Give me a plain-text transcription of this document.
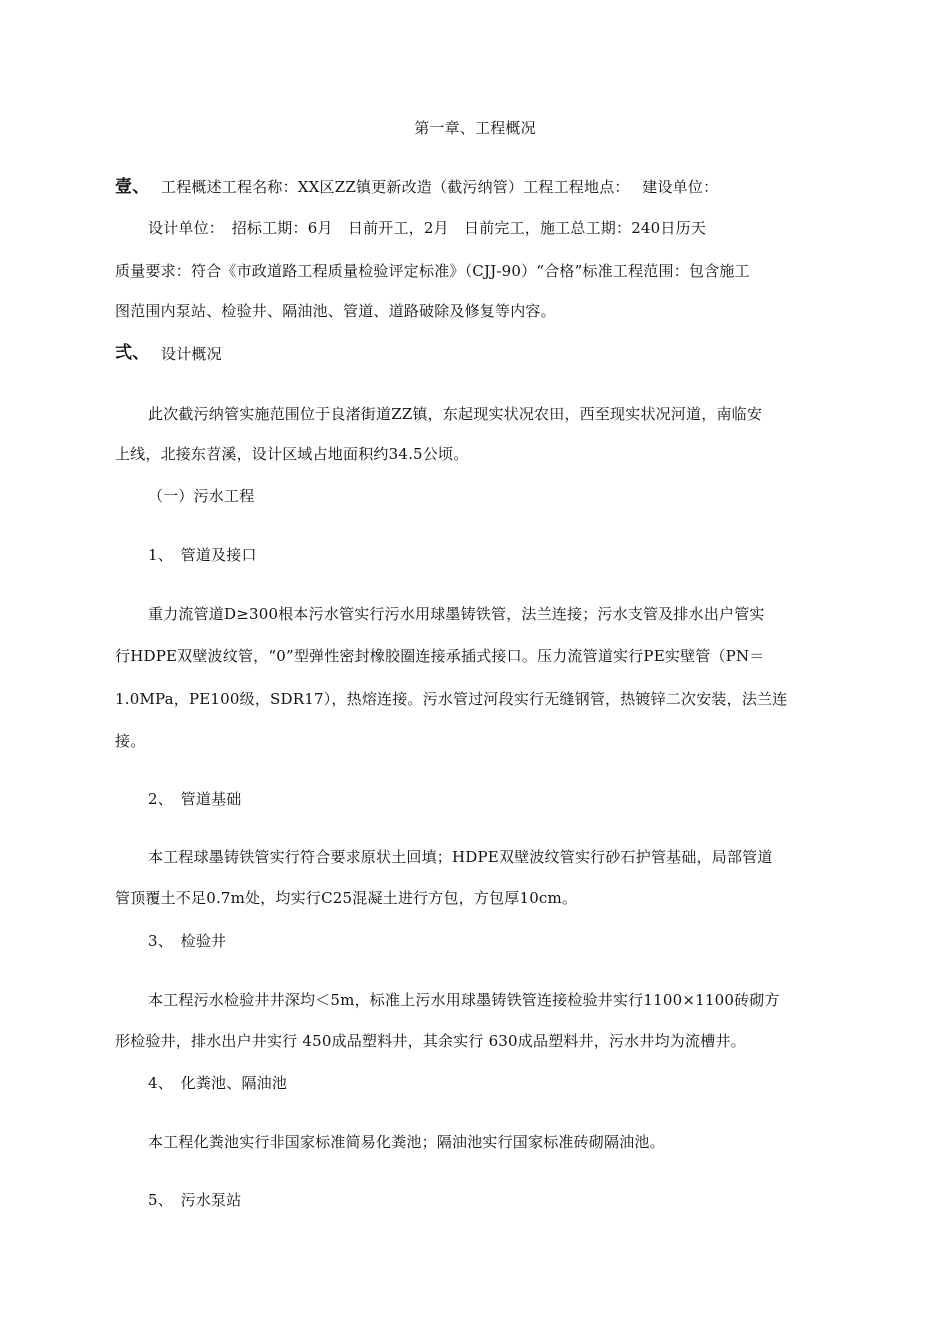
第一章、工程概况
壹、 工程概述工程名称：XX区ZZ镇更新改造（截污纳管）工程工程地点：　 建设单位：
设计单位：　招标工期：6月　日前开工，2月　日前完工，施工总工期：240日历天
质量要求：符合《市政道路工程质量检验评定标准》（CJJ-90）“合格”标准工程范围：包含施工
图范围内泵站、检验井、隔油池、管道、道路破除及修复等内容。
弍、 设计概况
此次截污纳管实施范围位于良渚街道ZZ镇，东起现实状况农田，西至现实状况河道，南临安
上线，北接东苕溪，设计区域占地面积约34.5公顷。
（一）污水工程
1、　管道及接口
重力流管道D≥300根本污水管实行污水用球墨铸铁管，法兰连接；污水支管及排水出户管实
行HDPE双壁波纹管，“0”型弹性密封橡胶圈连接承插式接口。压力流管道实行PE实壁管（PN＝
1.0MPa，PE100级，SDR17），热熔连接。污水管过河段实行无缝钢管，热镀锌二次安装，法兰连
接。
2、　管道基础
本工程球墨铸铁管实行符合要求原状土回填；HDPE双壁波纹管实行砂石护管基础，局部管道
管顶覆土不足0.7m处，均实行C25混凝土进行方包，方包厚10cm。
3、　检验井
本工程污水检验井井深均＜5m，标准上污水用球墨铸铁管连接检验井实行1100×1100砖砌方
形检验井，排水出户井实行 450成品塑料井，其余实行 630成品塑料井，污水井均为流槽井。
4、　化粪池、隔油池
本工程化粪池实行非国家标准简易化粪池；隔油池实行国家标准砖砌隔油池。
5、　污水泵站
